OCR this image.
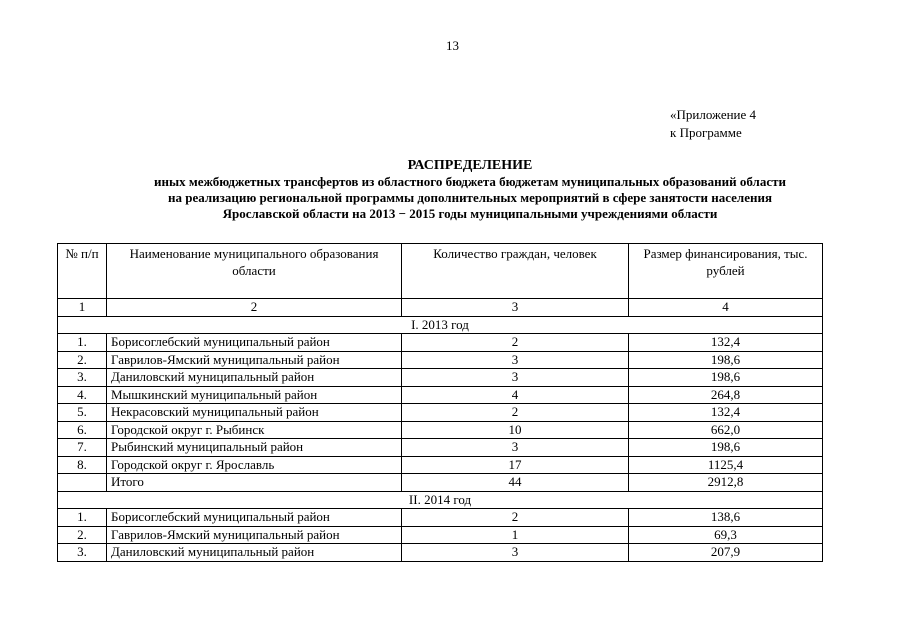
13
«Приложение 4
к Программе
РАСПРЕДЕЛЕНИЕ
иных межбюджетных трансфертов из областного бюджета бюджетам муниципальных образований области
на реализацию региональной программы дополнительных мероприятий в сфере занятости населения
Ярославской области на 2013 − 2015 годы муниципальными учреждениями области
№ п/п	Наименование муниципального образования области	Количество граждан, человек	Размер финансирования, тыс. рублей
1	2	3	4
I. 2013 год			
1.	Борисоглебский муниципальный район	2	132,4
2.	Гаврилов-Ямский муниципальный район	3	198,6
3.	Даниловский муниципальный район	3	198,6
4.	Мышкинский муниципальный район	4	264,8
5.	Некрасовский муниципальный район	2	132,4
6.	Городской округ г. Рыбинск	10	662,0
7.	Рыбинский муниципальный район	3	198,6
8.	Городской округ г. Ярославль	17	1125,4
	Итого	44	2912,8
II. 2014 год			
1.	Борисоглебский муниципальный район	2	138,6
2.	Гаврилов-Ямский муниципальный район	1	69,3
3.	Даниловский муниципальный район	3	207,9
